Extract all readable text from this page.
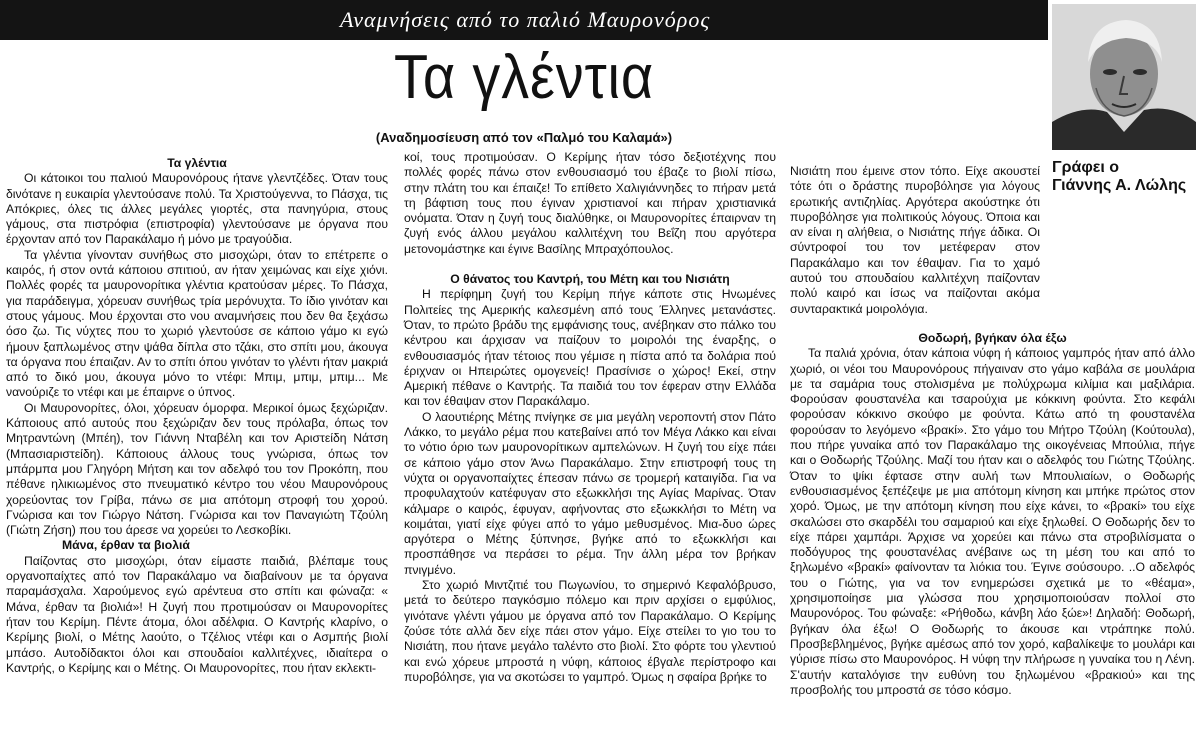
Αναμνήσεις από το παλιό Μαυρονόρος
Τα γλέντια
(Αναδημοσίευση από τον «Παλμό του Καλαμά»)
Γράφει ο
Γιάννης Α. Λώλης

Τα γλέντια

Οι κάτοικοι του παλιού Μαυρονόρους ήτανε γλεντζέδες. Όταν τους δινότανε η ευκαιρία γλεντούσανε πολύ. Τα Χριστούγεννα, το Πάσχα, τις Απόκριες, όλες τις άλλες μεγάλες γιορτές, στα πανηγύρια, στους γάμους, στα πιστρόφια (επιστροφία) γλεντούσανε με όργανα που έρχονταν από τον Παρακάλαμο ή μόνο με τραγούδια.

Τα γλέντια γίνονταν συνήθως στο μισοχώρι, όταν το επέτρεπε ο καιρός, ή στον οντά κάποιου σπιτιού, αν ήταν χειμώνας και είχε χιόνι. Πολλές φορές τα μαυρονορίτικα γλέντια κρατούσαν μέρες. Το Πάσχα, για παράδειγμα, χόρευαν συνήθως τρία μερόνυχτα. Το ίδιο γινόταν και στους γάμους. Μου έρχονται στο νου αναμνήσεις που δεν θα ξεχάσω όσο ζω. Τις νύχτες που το χωριό γλεντούσε σε κάποιο γάμο κι εγώ ήμουν ξαπλωμένος στην ψάθα δίπλα στο τζάκι, στο σπίτι μου, άκουγα τα όργανα που έπαιζαν. Αν το σπίτι όπου γινόταν το γλέντι ήταν μακριά από το δικό μου, άκουγα μόνο το ντέφι: Μπιμ, μπιμ, μπιμ... Με νανούριζε το ντέφι και με έπαιρνε ο ύπνος.

Οι Μαυρονορίτες, όλοι, χόρευαν όμορφα. Μερικοί όμως ξεχώριζαν. Κάποιους από αυτούς που ξεχώριζαν δεν τους πρόλαβα, όπως τον Μητραντώνη (Μπέη), τον Γιάννη Νταβέλη και τον Αριστείδη Νάτση (Μπασιαριστείδη). Κάποιους άλλους τους γνώρισα, όπως τον μπάρμπα μου Γληγόρη Μήτση και τον αδελφό του τον Προκόπη, που πέθανε ηλικιωμένος στο πνευματικό κέντρο του νέου Μαυρονόρους χορεύοντας τον Γρίβα, πάνω σε μια απότομη στροφή του χορού. Γνώρισα και τον Γιώργο Νάτση. Γνώρισα και τον Παναγιώτη Τζούλη (Γιώτη Ζήση) που του άρεσε να χορεύει το Λεσκοβίκι.

Μάνα, έρθαν τα βιολιά

Παίζοντας στο μισοχώρι, όταν είμαστε παιδιά, βλέπαμε τους οργανοπαίχτες από τον Παρακάλαμο να διαβαίνουν με τα όργανα παραμάσχαλα. Χαρούμενος εγώ αρέντευα στο σπίτι και φώναζα: « Μάνα, έρθαν τα βιολιά»! Η ζυγή που προτιμούσαν οι Μαυρονορίτες ήταν του Κερίμη. Πέντε άτομα, όλοι αδέλφια. Ο Καντρής κλαρίνο, ο Κερίμης βιολί, ο Μέτης λαούτο, ο Τζέλιος ντέφι και ο Ασμπής βιολί μπάσο. Αυτοδίδακτοι όλοι και σπουδαίοι καλλιτέχνες, ιδιαίτερα ο Καντρής, ο Κερίμης και ο Μέτης. Οι Μαυρονορίτες, που ήταν εκλεκτι-

κοί, τους προτιμούσαν. Ο Κερίμης ήταν τόσο δεξιοτέχνης που πολλές φορές πάνω στον ενθουσιασμό του έβαζε το βιολί πίσω, στην πλάτη του και έπαιζε! Το επίθετο Χαλιγιάννηδες το πήραν μετά τη βάφτιση τους που έγιναν χριστιανοί και πήραν χριστιανικά ονόματα. Όταν η ζυγή τους διαλύθηκε, οι Μαυρονορίτες έπαιρναν τη ζυγή ενός άλλου μεγάλου καλλιτέχνη του Βεΐζη που αργότερα μετονομάστηκε και έγινε Βασίλης Μπραχόπουλος.

Ο θάνατος του Καντρή, του Μέτη και του Νισιάτη

Η περίφημη ζυγή του Κερίμη πήγε κάποτε στις Ηνωμένες Πολιτείες της Αμερικής καλεσμένη από τους Έλληνες μετανάστες. Όταν, το πρώτο βράδυ της εμφάνισης τους, ανέβηκαν στο πάλκο του κέντρου και άρχισαν να παίζουν το μοιρολόι της έναρξης, ο ενθουσιασμός ήταν τέτοιος που γέμισε η πίστα από τα δολάρια πού έριχναν οι Ηπειρώτες ομογενείς! Πρασίνισε ο χώρος! Εκεί, στην Αμερική πέθανε ο Καντρής. Τα παιδιά του τον έφεραν στην Ελλάδα και τον έθαψαν στον Παρακάλαμο.

Ο λαουτιέρης Μέτης πνίγηκε σε μια μεγάλη νεροποντή στον Πάτο Λάκκο, το μεγάλο ρέμα που κατεβαίνει από τον Μέγα Λάκκο και είναι το νότιο όριο των μαυρονορίτικων αμπελώνων. Η ζυγή του είχε πάει σε κάποιο γάμο στον Άνω Παρακάλαμο. Στην επιστροφή τους τη νύχτα οι οργανοπαίχτες έπεσαν πάνω σε τρομερή καταιγίδα. Για να προφυλαχτούν κατέφυγαν στο εξωκκλήσι της Αγίας Μαρίνας. Όταν κάλμαρε ο καιρός, έφυγαν, αφήνοντας στο εξωκκλήσι το Μέτη να κοιμάται, γιατί είχε φύγει από το γάμο μεθυσμένος. Μια-δυο ώρες αργότερα ο Μέτης ξύπνησε, βγήκε από το εξωκκλήσι και προσπάθησε να περάσει το ρέμα. Την άλλη μέρα τον βρήκαν πνιγμένο.

Στο χωριό Μιντζιτιέ του Πωγωνίου, το σημερινό Κεφαλόβρυσο, μετά το δεύτερο παγκόσμιο πόλεμο και πριν αρχίσει ο εμφύλιος, γινότανε γλέντι γάμου με όργανα από τον Παρακάλαμο. Ο Κερίμης ζούσε τότε αλλά δεν είχε πάει στον γάμο. Είχε στείλει το γιο του το Νισιάτη, που ήτανε μεγάλο ταλέντο στο βιολί. Στο φόρτε του γλεντιού και ενώ χόρευε μπροστά η νύφη, κάποιος έβγαλε περίστροφο και πυροβόλησε, για να σκοτώσει το γαμπρό. Όμως η σφαίρα βρήκε το

Νισιάτη που έμεινε στον τόπο. Είχε ακουστεί τότε ότι ο δράστης πυροβόλησε για λόγους ερωτικής αντιζηλίας. Αργότερα ακούστηκε ότι πυροβόλησε για πολιτικούς λόγους. Όποια και αν είναι η αλήθεια, ο Νισιάτης πήγε άδικα. Οι σύντροφοί του τον μετέφεραν στον Παρακάλαμο και τον έθαψαν. Για το χαμό αυτού του σπουδαίου καλλιτέχνη παίζονταν πολύ καιρό και ίσως να παίζονται ακόμα συνταρακτικά μοιρολόγια.

Θοδωρή, βγήκαν όλα έξω

Τα παλιά χρόνια, όταν κάποια νύφη ή κάποιος γαμπρός ήταν από άλλο χωριό, οι νέοι του Μαυρονόρους πήγαιναν στο γάμο καβάλα σε μουλάρια με τα σαμάρια τους στολισμένα με πολύχρωμα κιλίμια και μαξιλάρια. Φορούσαν φουστανέλα και τσαρούχια με κόκκινη φούντα. Στο κεφάλι φορούσαν κόκκινο σκούφο με φούντα. Κάτω από τη φουστανέλα φορούσαν το λεγόμενο «βρακί». Στο γάμο του Μήτρο Τζούλη (Κούτουλα), που πήρε γυναίκα από τον Παρακάλαμο της οικογένειας Μπούλια, πήγε και ο Θοδωρής Τζούλης. Μαζί του ήταν και ο αδελφός του Γιώτης Τζούλης. Όταν το ψίκι έφτασε στην αυλή των Μπουλιαίων, ο Θοδωρής ενθουσιασμένος ξεπέζεψε με μια απότομη κίνηση και μπήκε πρώτος στον χορό. Όμως, με την απότομη κίνηση που είχε κάνει, το «βρακί» του είχε σκαλώσει στο σκαρδέλι του σαμαριού και είχε ξηλωθεί. Ο Θοδωρής δεν το είχε πάρει χαμπάρι. Άρχισε να χορεύει και πάνω στα στροβιλίσματα ο ποδόγυρος της φουστανέλας ανέβαινε ως τη μέση του και από το ξηλωμένο «βρακί» φαίνονταν τα λιόκια του. Έγινε σούσουρο. ..Ο αδελφός του ο Γιώτης, για να τον ενημερώσει σχετικά με το «θέαμα», χρησιμοποίησε μια γλώσσα που χρησιμοποιούσαν πολλοί στο Μαυρονόρος. Του φώναξε: «Ρήθοδω, κάνβη λάο ξώε»! Δηλαδή: Θοδωρή, βγήκαν όλα έξω! Ο Θοδωρής το άκουσε και ντράπηκε πολύ. Προσβεβλημένος, βγήκε αμέσως από τον χορό, καβαλίκεψε το μουλάρι και γύρισε πίσω στο Μαυρονόρος. Η νύφη την πλήρωσε η γυναίκα του η Λένη. Σ'αυτήν καταλόγισε την ευθύνη του ξηλωμένου «βρακιού» και της προσβολής του μπροστά σε τόσο κόσμο.
